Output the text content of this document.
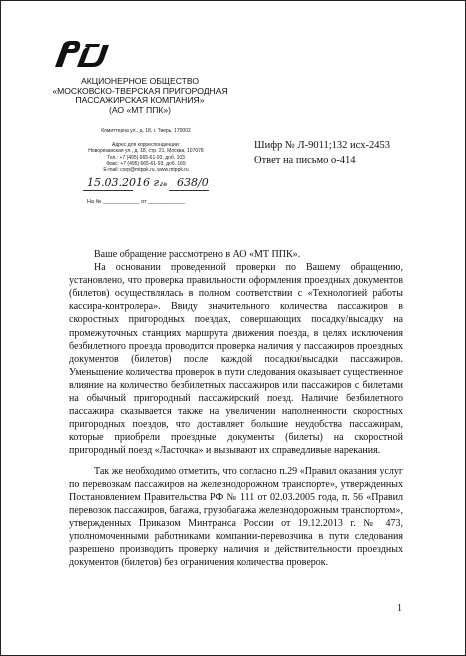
АКЦИОНЕРНОЕ ОБЩЕСТВО
«МОСКОВСКО-ТВЕРСКАЯ ПРИГОРОДНАЯ
ПАССАЖИРСКАЯ КОМПАНИЯ»
(АО «МТ ППК»)
Комиттерна ул., д. 18, г. Тверь, 170002
Адрес для корреспонденции:
Новорязанская ул., д. 18, стр. 21, Москва, 107078
Тел.: +7 (495) 665-61-93, доб. 103
Факс: +7 (495) 665-61-93, доб. 165
E-mail: corp@mtppk.ru, www.mtppk.ru
№
15.03.2016 г. 638/0
На № ____________ от ____________
Шифр № Л-9011;132 исх-2453
Ответ на письмо о-414

Ваше обращение рассмотрено в АО «МТ ППК».

На основании проведенной проверки по Вашему обращению, установлено, что проверка правильности оформления проездных документов (билетов) осуществлялась в полном соответствии с «Технологией работы кассира-контролера». Ввиду значительного количества пассажиров в скоростных пригородных поездах, совершающих посадку/высадку на промежуточных станциях маршрута движения поезда, в целях исключения безбилетного проезда проводится проверка наличия у пассажиров проездных документов (билетов) после каждой посадки/высадки пассажиров. Уменьшение количества проверок в пути следования оказывает существенное влияние на количество безбилетных пассажиров или пассажиров с билетами на обычный пригородный пассажирский поезд. Наличие безбилетного пассажира сказывается также на увеличении наполненности скоростных пригородных поездов, что доставляет большие неудобства пассажирам, которые приобрели проездные документы (билеты) на скоростной пригородный поезд «Ласточка» и вызывают их справедливые нарекания.

Так же необходимо отметить, что согласно п.29 «Правил оказания услуг по перевозкам пассажиров на железнодорожном транспорте», утвержденных Постановлением Правительства РФ № 111 от 02.03.2005 года, п. 56 «Правил перевозок пассажиров, багажа, грузобагажа железнодорожным транспортом», утвержденных Приказом Минтранса России от 19.12.2013 г. № 473, уполномоченными работниками компании-перевозчика в пути следования разрешено производить проверку наличия и действительности проездных документов (билетов) без ограничения количества проверок.

1
